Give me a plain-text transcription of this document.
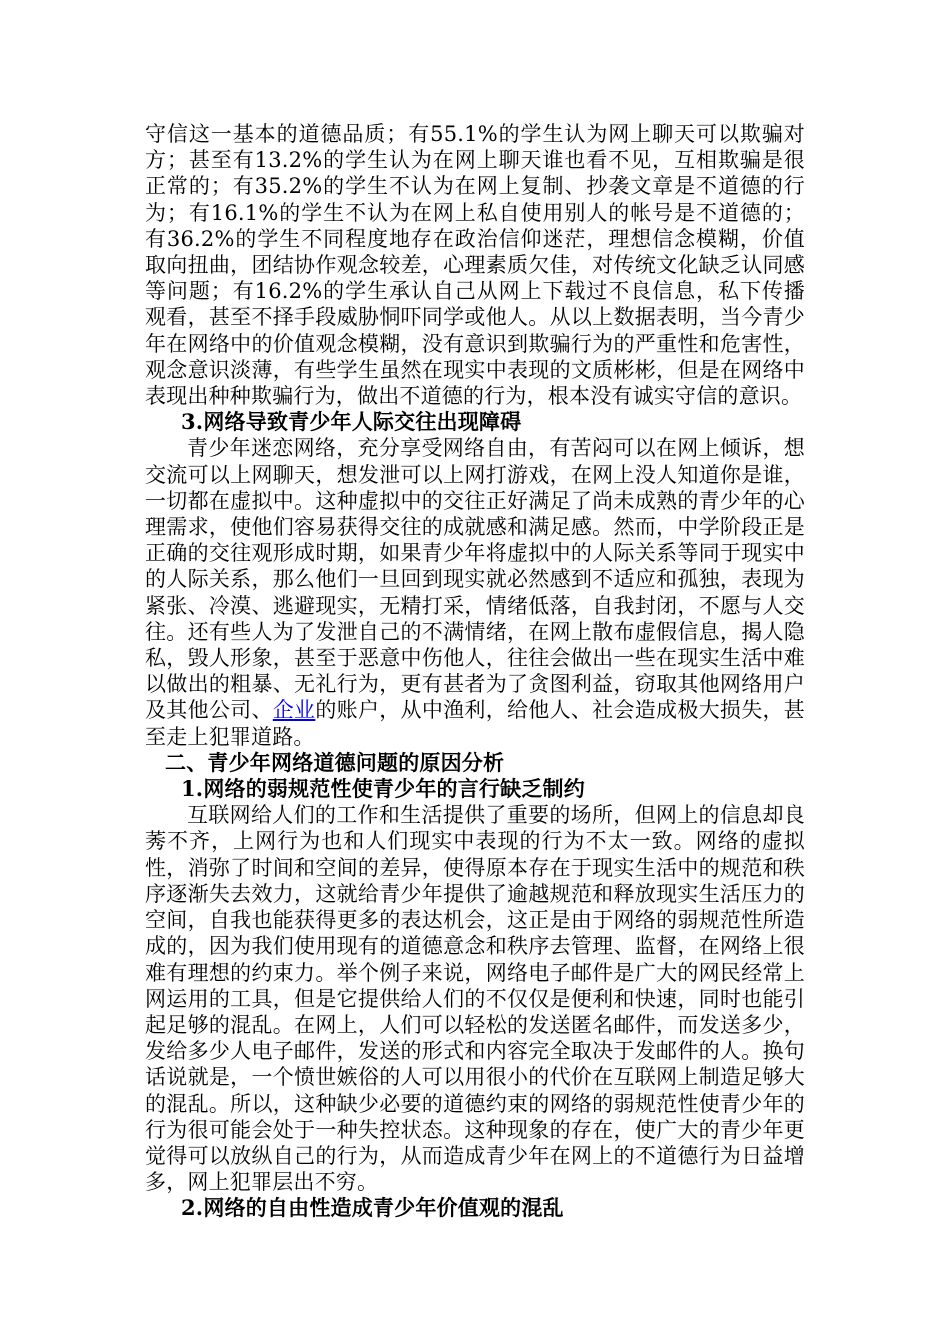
守信这一基本的道德品质；有55.1%的学生认为网上聊天可以欺骗对方；甚至有13.2%的学生认为在网上聊天谁也看不见，互相欺骗是很正常的；有35.2%的学生不认为在网上复制、抄袭文章是不道德的行为；有16.1%的学生不认为在网上私自使用别人的帐号是不道德的；有36.2%的学生不同程度地存在政治信仰迷茫，理想信念模糊，价值取向扭曲，团结协作观念较差，心理素质欠佳，对传统文化缺乏认同感等问题；有16.2%的学生承认自己从网上下载过不良信息，私下传播观看，甚至不择手段威胁恫吓同学或他人。从以上数据表明，当今青少年在网络中的价值观念模糊，没有意识到欺骗行为的严重性和危害性，观念意识淡薄，有些学生虽然在现实中表现的文质彬彬，但是在网络中表现出种种欺骗行为，做出不道德的行为，根本没有诚实守信的意识。

3.网络导致青少年人际交往出现障碍

青少年迷恋网络，充分享受网络自由，有苦闷可以在网上倾诉，想交流可以上网聊天，想发泄可以上网打游戏，在网上没人知道你是谁，一切都在虚拟中。这种虚拟中的交往正好满足了尚未成熟的青少年的心理需求，使他们容易获得交往的成就感和满足感。然而，中学阶段正是正确的交往观形成时期，如果青少年将虚拟中的人际关系等同于现实中的人际关系，那么他们一旦回到现实就必然感到不适应和孤独，表现为紧张、冷漠、逃避现实，无精打采，情绪低落，自我封闭，不愿与人交往。还有些人为了发泄自己的不满情绪，在网上散布虚假信息，揭人隐私，毁人形象，甚至于恶意中伤他人，往往会做出一些在现实生活中难以做出的粗暴、无礼行为，更有甚者为了贪图利益，窃取其他网络用户及其他公司、企业的账户，从中渔利，给他人、社会造成极大损失，甚至走上犯罪道路。

二、青少年网络道德问题的原因分析

1.网络的弱规范性使青少年的言行缺乏制约

互联网给人们的工作和生活提供了重要的场所，但网上的信息却良莠不齐，上网行为也和人们现实中表现的行为不太一致。网络的虚拟性，消弥了时间和空间的差异，使得原本存在于现实生活中的规范和秩序逐渐失去效力，这就给青少年提供了逾越规范和释放现实生活压力的空间，自我也能获得更多的表达机会，这正是由于网络的弱规范性所造成的，因为我们使用现有的道德意念和秩序去管理、监督，在网络上很难有理想的约束力。举个例子来说，网络电子邮件是广大的网民经常上网运用的工具，但是它提供给人们的不仅仅是便利和快速，同时也能引起足够的混乱。在网上，人们可以轻松的发送匿名邮件，而发送多少，发给多少人电子邮件，发送的形式和内容完全取决于发邮件的人。换句话说就是，一个愤世嫉俗的人可以用很小的代价在互联网上制造足够大的混乱。所以，这种缺少必要的道德约束的网络的弱规范性使青少年的行为很可能会处于一种失控状态。这种现象的存在，使广大的青少年更觉得可以放纵自己的行为，从而造成青少年在网上的不道德行为日益增多，网上犯罪层出不穷。

2.网络的自由性造成青少年价值观的混乱
